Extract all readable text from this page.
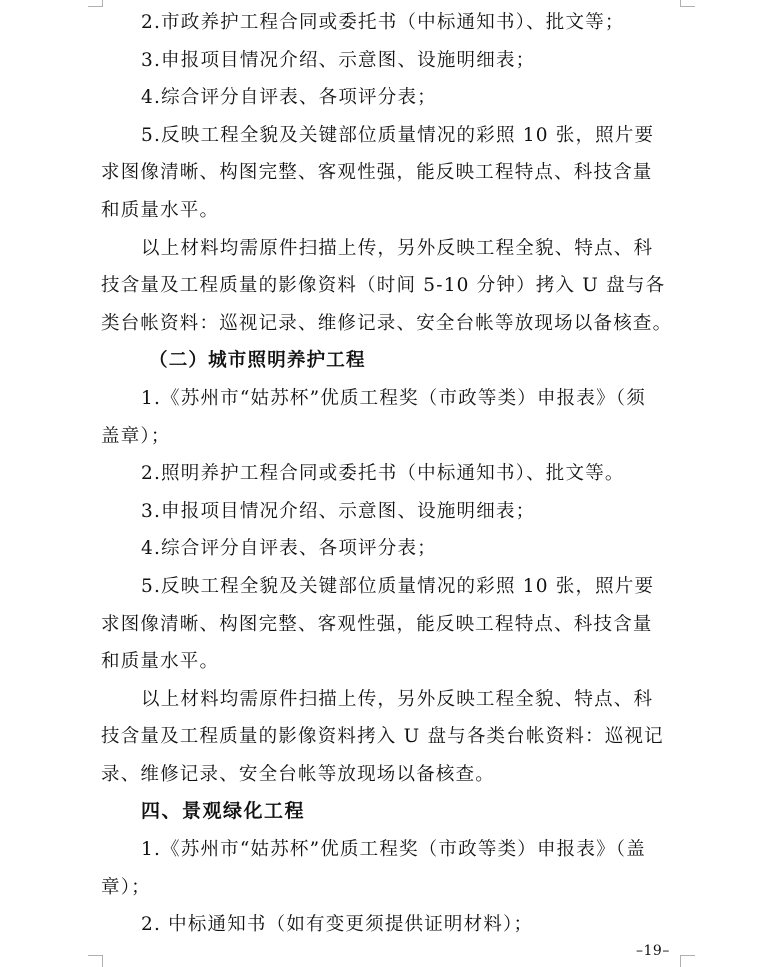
2.市政养护工程合同或委托书（中标通知书）、批文等；
3.申报项目情况介绍、示意图、设施明细表；
4.综合评分自评表、各项评分表；
5.反映工程全貌及关键部位质量情况的彩照 10 张，照片要
求图像清晰、构图完整、客观性强，能反映工程特点、科技含量
和质量水平。
以上材料均需原件扫描上传，另外反映工程全貌、特点、科
技含量及工程质量的影像资料（时间 5-10 分钟）拷入 U 盘与各
类台帐资料：巡视记录、维修记录、安全台帐等放现场以备核查。
（二）城市照明养护工程
1.《苏州市“姑苏杯”优质工程奖（市政等类）申报表》（须
盖章）；
2.照明养护工程合同或委托书（中标通知书）、批文等。
3.申报项目情况介绍、示意图、设施明细表；
4.综合评分自评表、各项评分表；
5.反映工程全貌及关键部位质量情况的彩照 10 张，照片要
求图像清晰、构图完整、客观性强，能反映工程特点、科技含量
和质量水平。
以上材料均需原件扫描上传，另外反映工程全貌、特点、科
技含量及工程质量的影像资料拷入 U 盘与各类台帐资料：巡视记
录、维修记录、安全台帐等放现场以备核查。
四、景观绿化工程
1.《苏州市“姑苏杯”优质工程奖（市政等类）申报表》（盖
章）；
2. 中标通知书（如有变更须提供证明材料）；
–19–
